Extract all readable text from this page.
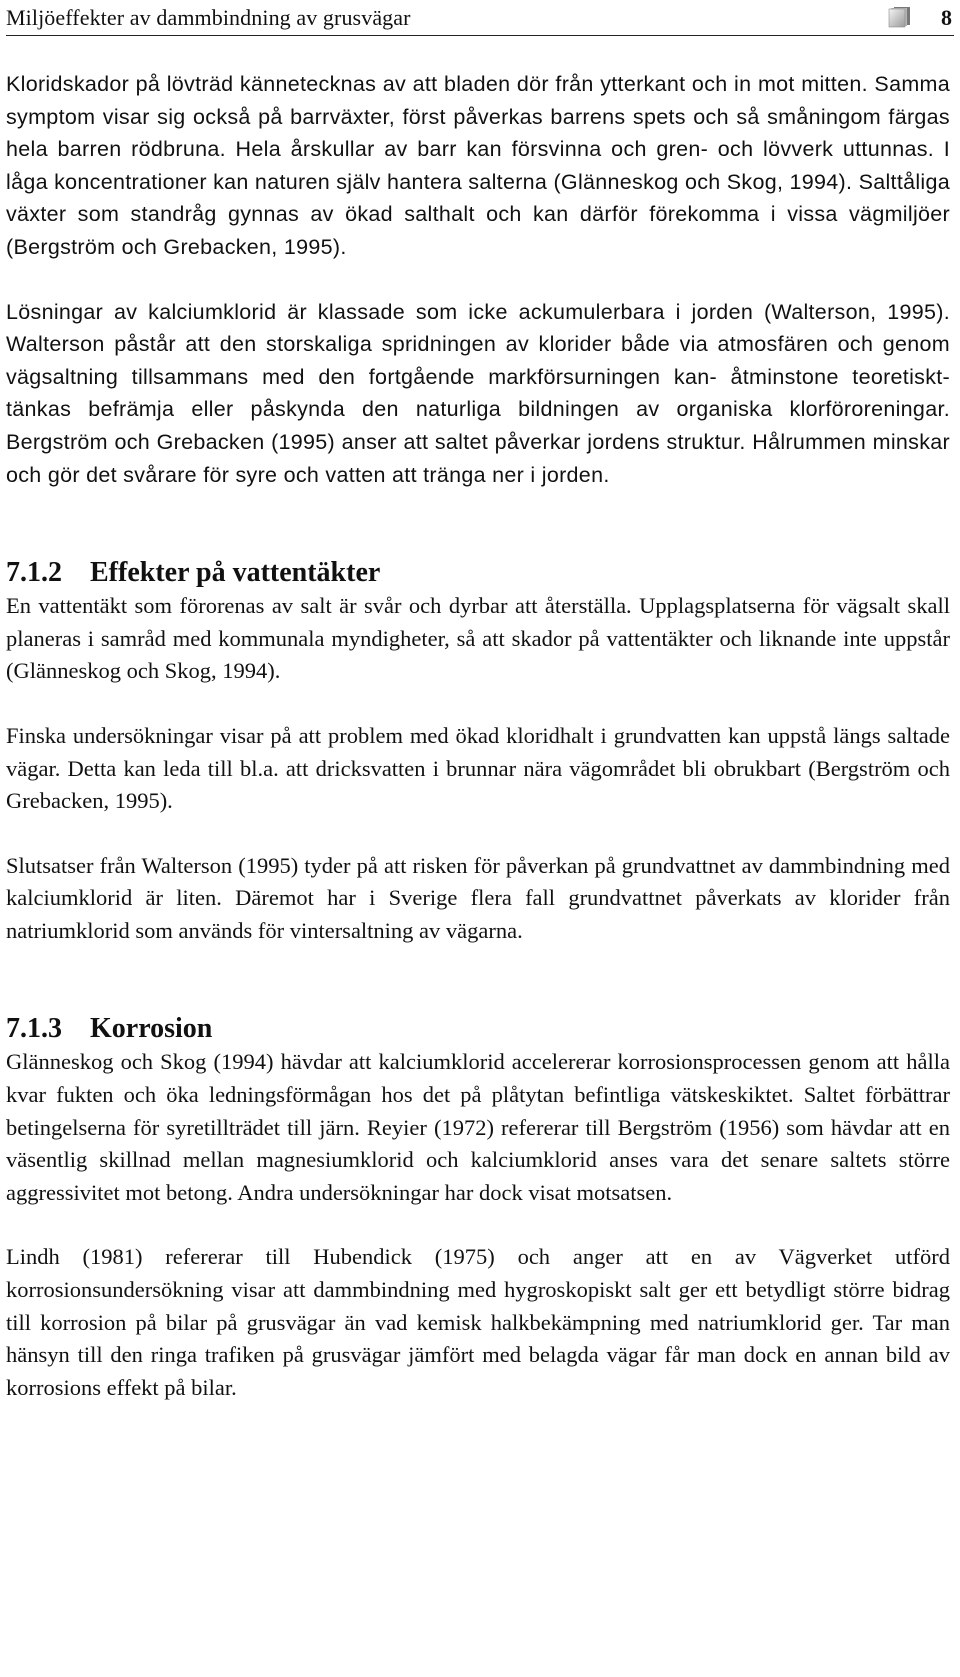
Miljöeffekter av dammbindning av grusvägar	8

Kloridskador på lövträd kännetecknas av att bladen dör från ytterkant och in mot mitten. Samma symptom visar sig också på barrväxter, först påverkas barrens spets och så småningom färgas hela barren rödbruna. Hela årskullar av barr kan försvinna och gren- och lövverk uttunnas. I låga koncentrationer kan naturen själv hantera salterna (Glänneskog och Skog, 1994). Salttåliga växter som standråg gynnas av ökad salthalt och kan därför förekomma i vissa vägmiljöer (Bergström och Grebacken, 1995).

Lösningar av kalciumklorid är klassade som icke ackumulerbara i jorden (Walterson, 1995). Walterson påstår att den storskaliga spridningen av klorider både via atmosfären och genom vägsaltning tillsammans med den fortgående markförsurningen kan- åtminstone teoretiskt- tänkas befrämja eller påskynda den naturliga bildningen av organiska klorföroreningar. Bergström och Grebacken (1995) anser att saltet påverkar jordens struktur. Hålrummen minskar och gör det svårare för syre och vatten att tränga ner i jorden.

7.1.2 Effekter på vattentäkter

En vattentäkt som förorenas av salt är svår och dyrbar att återställa. Upplagsplatserna för vägsalt skall planeras i samråd med kommunala myndigheter, så att skador på vattentäkter och liknande inte uppstår (Glänneskog och Skog, 1994).

Finska undersökningar visar på att problem med ökad kloridhalt i grundvatten kan uppstå längs saltade vägar. Detta kan leda till bl.a. att dricksvatten i brunnar nära vägområdet bli obrukbart (Bergström och Grebacken, 1995).

Slutsatser från Walterson (1995) tyder på att risken för påverkan på grundvattnet av dammbindning med kalciumklorid är liten. Däremot har i Sverige flera fall grundvattnet påverkats av klorider från natriumklorid som används för vintersaltning av vägarna.

7.1.3 Korrosion

Glänneskog och Skog (1994) hävdar att kalciumklorid accelererar korrosionsprocessen genom att hålla kvar fukten och öka ledningsförmågan hos det på plåtytan befintliga vätskeskiktet. Saltet förbättrar betingelserna för syretillträdet till järn. Reyier (1972) refererar till Bergström (1956) som hävdar att en väsentlig skillnad mellan magnesiumklorid och kalciumklorid anses vara det senare saltets större aggressivitet mot betong. Andra undersökningar har dock visat motsatsen.

Lindh (1981) refererar till Hubendick (1975) och anger att en av Vägverket utförd korrosionsundersökning visar att dammbindning med hygroskopiskt salt ger ett betydligt större bidrag till korrosion på bilar på grusvägar än vad kemisk halkbekämpning med natriumklorid ger. Tar man hänsyn till den ringa trafiken på grusvägar jämfört med belagda vägar får man dock en annan bild av korrosions effekt på bilar.
